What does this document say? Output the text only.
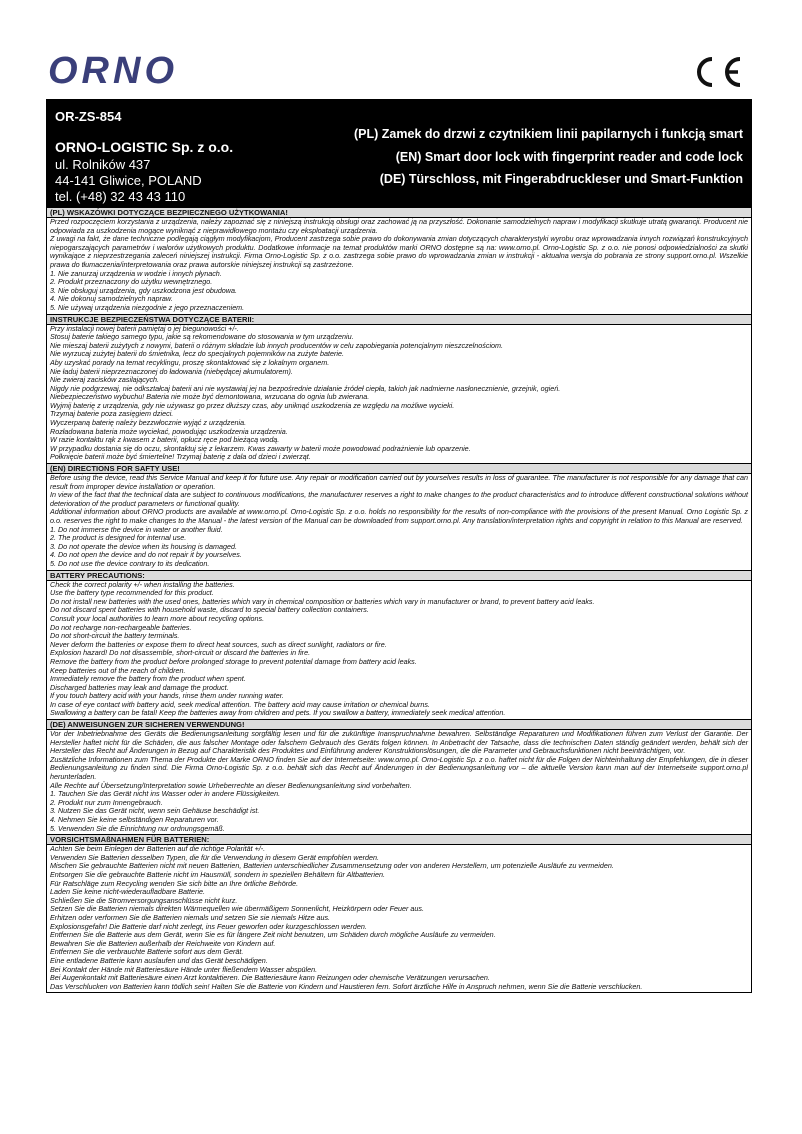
ORNO
OR-ZS-854
ORNO-LOGISTIC Sp. z o.o.
ul. Rolników 437
44-141 Gliwice, POLAND
tel. (+48) 32 43 43 110
(PL) Zamek do drzwi z czytnikiem linii papilarnych i funkcją smart
(EN) Smart door lock with fingerprint reader and code lock
(DE) Türschloss, mit Fingerabdruckleser und Smart-Funktion
(PL) WSKAZÓWKI DOTYCZĄCE BEZPIECZNEGO UŻYTKOWANIA!

Przed rozpoczęciem korzystania z urządzenia, należy zapoznać się z niniejszą instrukcją obsługi oraz zachować ją na przyszłość. Dokonanie samodzielnych napraw i modyfikacji skutkuje utratą gwarancji. Producent nie odpowiada za uszkodzenia mogące wyniknąć z nieprawidłowego montażu czy eksploatacji urządzenia.

Z uwagi na fakt, że dane techniczne podlegają ciągłym modyfikacjom, Producent zastrzega sobie prawo do dokonywania zmian dotyczących charakterystyki wyrobu oraz wprowadzania innych rozwiązań konstrukcyjnych niepogarszających parametrów i walorów użytkowych produktu. Dodatkowe informacje na temat produktów marki ORNO dostępne są na: www.orno.pl. Orno-Logistic Sp. z o.o. nie ponosi odpowiedzialności za skutki wynikające z nieprzestrzegania zaleceń niniejszej instrukcji. Firma Orno-Logistic Sp. z o.o. zastrzega sobie prawo do wprowadzania zmian w instrukcji - aktualna wersja do pobrania ze strony support.orno.pl. Wszelkie prawa do tłumaczenia/interpretowania oraz prawa autorskie niniejszej instrukcji są zastrzeżone.

1. Nie zanurzaj urządzenia w wodzie i innych płynach.
2. Produkt przeznaczony do użytku wewnętrznego.
3. Nie obsługuj urządzenia, gdy uszkodzona jest obudowa.
4. Nie dokonuj samodzielnych napraw.
5. Nie używaj urządzenia niezgodnie z jego przeznaczeniem.
INSTRUKCJE BEZPIECZEŃSTWA DOTYCZĄCE BATERII:
Przy instalacji nowej baterii pamiętaj o jej biegunowości +/-.
Stosuj baterie takiego samego typu, jakie są rekomendowane do stosowania w tym urządzeniu.
Nie mieszaj baterii zużytych z nowymi, baterii o różnym składzie lub innych producentów w celu zapobiegania potencjalnym nieszczelnościom.
Nie wyrzucaj zużytej baterii do śmietnika, lecz do specjalnych pojemników na zużyte baterie.
Aby uzyskać porady na temat recyklingu, proszę skontaktować się z lokalnym organem.
Nie ładuj baterii nieprzeznaczonej do ładowania (niebędącej akumulatorem).
Nie zwieraj zacisków zasilających.
Nigdy nie podgrzewaj, nie odkształcaj baterii ani nie wystawiaj jej na bezpośrednie działanie źródeł ciepła, takich jak nadmierne nasłonecznienie, grzejnik, ogień.
Niebezpieczeństwo wybuchu! Bateria nie może być demontowana, wrzucana do ognia lub zwierana.
Wyjmij baterię z urządzenia, gdy nie używasz go przez dłuższy czas, aby uniknąć uszkodzenia ze względu na możliwe wycieki.
Trzymaj baterie poza zasięgiem dzieci.
Wyczerpaną baterię należy bezzwłocznie wyjąć z urządzenia.
Rozładowana bateria może wyciekać, powodując uszkodzenia urządzenia.
W razie kontaktu rąk z kwasem z baterii, opłucz ręce pod bieżącą wodą.
W przypadku dostania się do oczu, skontaktuj się z lekarzem. Kwas zawarty w baterii może powodować podrażnienie lub oparzenie.
Połknięcie baterii może być śmiertelne! Trzymaj baterię z dala od dzieci i zwierząt.
(EN) DIRECTIONS FOR SAFTY USE!

Before using the device, read this Service Manual and keep it for future use. Any repair or modification carried out by yourselves results in loss of guarantee. The manufacturer is not responsible for any damage that can result from improper device installation or operation.

In view of the fact that the technical data are subject to continuous modifications, the manufacturer reserves a right to make changes to the product characteristics and to introduce different constructional solutions without deterioration of the product parameters or functional quality.

Additional information about ORNO products are available at www.orno.pl. Orno-Logistic Sp. z o.o. holds no responsibility for the results of non-compliance with the provisions of the present Manual. Orno Logistic Sp. z o.o. reserves the right to make changes to the Manual - the latest version of the Manual can be downloaded from support.orno.pl. Any translation/interpretation rights and copyright in relation to this Manual are reserved.

1. Do not immerse the device in water or another fluid.
2. The product is designed for internal use.
3. Do not operate the device when its housing is damaged.
4. Do not open the device and do not repair it by yourselves.
5. Do not use the device contrary to its dedication.
BATTERY PRECAUTIONS:
Check the correct polarity +/- when installing the batteries.
Use the battery type recommended for this product.
Do not install new batteries with the used ones, batteries which vary in chemical composition or batteries which vary in manufacturer or brand, to prevent battery acid leaks.
Do not discard spent batteries with household waste, discard to special battery collection containers.
Consult your local authorities to learn more about recycling options.
Do not recharge non-rechargeable batteries.
Do not short-circuit the battery terminals.
Never deform the batteries or expose them to direct heat sources, such as direct sunlight, radiators or fire.
Explosion hazard! Do not disassemble, short-circuit or discard the batteries in fire.
Remove the battery from the product before prolonged storage to prevent potential damage from battery acid leaks.
Keep batteries out of the reach of children.
Immediately remove the battery from the product when spent.
Discharged batteries may leak and damage the product.
If you touch battery acid with your hands, rinse them under running water.
In case of eye contact with battery acid, seek medical attention. The battery acid may cause irritation or chemical burns.
Swallowing a battery can be fatal! Keep the batteries away from children and pets. If you swallow a battery, immediately seek medical attention.
(DE) ANWEISUNGEN ZUR SICHEREN VERWENDUNG!

Vor der Inbetriebnahme des Geräts die Bedienungsanleitung sorgfältig lesen und für die zukünftige Inanspruchnahme bewahren. Selbständige Reparaturen und Modifikationen führen zum Verlust der Garantie. Der Hersteller haftet nicht für die Schäden, die aus falscher Montage oder falschem Gebrauch des Geräts folgen können. In Anbetracht der Tatsache, dass die technischen Daten ständig geändert werden, behält sich der Hersteller das Recht auf Änderungen in Bezug auf Charakteristik des Produktes und Einführung anderer Konstruktionslösungen, die die Parameter und Gebrauchsfunktionen nicht beeinträchtigen, vor.

Zusätzliche Informationen zum Thema der Produkte der Marke ORNO finden Sie auf der Internetseite: www.orno.pl. Orno-Logistic Sp. z o.o. haftet nicht für die Folgen der Nichteinhaltung der Empfehlungen, die in dieser Bedienungsanleitung zu finden sind. Die Firma Orno-Logistic Sp. z o.o. behält sich das Recht auf Änderungen in der Bedienungsanleitung vor – die aktuelle Version kann man auf der Internetseite support.orno.pl herunterladen.

Alle Rechte auf Übersetzung/Interpretation sowie Urheberrechte an dieser Bedienungsanleitung sind vorbehalten.

1. Tauchen Sie das Gerät nicht ins Wasser oder in andere Flüssigkeiten.
2. Produkt nur zum Innengebrauch.
3. Nutzen Sie das Gerät nicht, wenn sein Gehäuse beschädigt ist.
4. Nehmen Sie keine selbständigen Reparaturen vor.
5. Verwenden Sie die Einrichtung nur ordnungsgemäß.
VORSICHTSMAßNAHMEN FÜR BATTERIEN:
Achten Sie beim Einlegen der Batterien auf die richtige Polarität +/-.
Verwenden Sie Batterien desselben Typen, die für die Verwendung in diesem Gerät empfohlen werden.
Mischen Sie gebrauchte Batterien nicht mit neuen Batterien, Batterien unterschiedlicher Zusammensetzung oder von anderen Herstellern, um potenzielle Ausläufe zu vermeiden.
Entsorgen Sie die gebrauchte Batterie nicht im Hausmüll, sondern in speziellen Behältern für Altbatterien.
Für Ratschläge zum Recycling wenden Sie sich bitte an Ihre örtliche Behörde.
Laden Sie keine nicht-wiederaufladbare Batterie.
Schließen Sie die Stromversorgungsanschlüsse nicht kurz.
Setzen Sie die Batterien niemals direkten Wärmequellen wie übermäßigem Sonnenlicht, Heizkörpern oder Feuer aus.
Erhitzen oder verformen Sie die Batterien niemals und setzen Sie sie niemals Hitze aus.
Explosionsgefahr! Die Batterie darf nicht zerlegt, ins Feuer geworfen oder kurzgeschlossen werden.
Entfernen Sie die Batterie aus dem Gerät, wenn Sie es für längere Zeit nicht benutzen, um Schäden durch mögliche Ausläufe zu vermeiden.
Bewahren Sie die Batterien außerhalb der Reichweite von Kindern auf.
Entfernen Sie die verbrauchte Batterie sofort aus dem Gerät.
Eine entladene Batterie kann auslaufen und das Gerät beschädigen.
Bei Kontakt der Hände mit Batteriesäure Hände unter fließendem Wasser abspülen.
Bei Augenkontakt mit Batteriesäure einen Arzt kontaktieren. Die Batteriesäure kann Reizungen oder chemische Verätzungen verursachen.
Das Verschlucken von Batterien kann tödlich sein! Halten Sie die Batterie von Kindern und Haustieren fern. Sofort ärztliche Hilfe in Anspruch nehmen, wenn Sie die Batterie verschlucken.
